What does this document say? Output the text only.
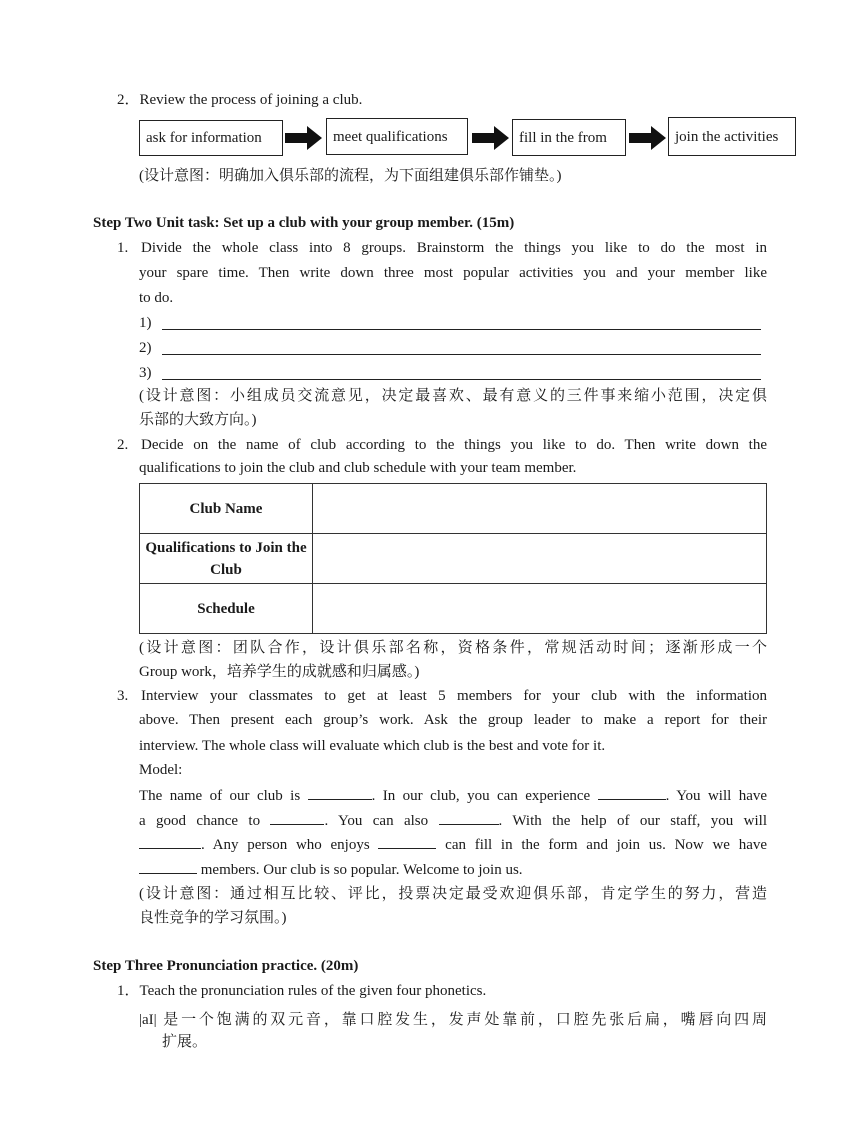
2．Review the process of joining a club.
ask for information	meet qualifications	fill in the from	join the activities
(设计意图：明确加入俱乐部的流程，为下面组建俱乐部作铺垫。)
Step Two Unit task: Set up a club with your group member. (15m)
1. Divide the whole class into 8 groups. Brainstorm the things you like to do the most in
your spare time. Then write down three most popular activities you and your member like
to do.
1)
2)
3)
(设计意图：小组成员交流意见，决定最喜欢、最有意义的三件事来缩小范围，决定俱
乐部的大致方向。)
2. Decide on the name of club according to the things you like to do. Then write down the
qualifications to join the club and club schedule with your team member.
Club Name	
Qualifications to Join the Club	
Schedule	
(设计意图：团队合作，设计俱乐部名称，资格条件，常规活动时间；逐渐形成一个
Group work，培养学生的成就感和归属感。)
3. Interview your classmates to get at least 5 members for your club with the information
above. Then present each group’s work. Ask the group leader to make a report for their
interview. The whole class will evaluate which club is the best and vote for it.
Model:
The name of our club is	. In our club, you can experience	. You will have
a good chance to	. You can also	. With the help of our staff, you will
. Any person who enjoys	can fill in the form and join us. Now we have
members. Our club is so popular. Welcome to join us.
(设计意图：通过相互比较、评比，投票决定最受欢迎俱乐部，肯定学生的努力，营造
良性竞争的学习氛围。)
Step Three Pronunciation practice. (20m)
1．Teach the pronunciation rules of the given four phonetics.
|aI| 是一个饱满的双元音，靠口腔发生，发声处靠前，口腔先张后扁，嘴唇向四周
扩展。
